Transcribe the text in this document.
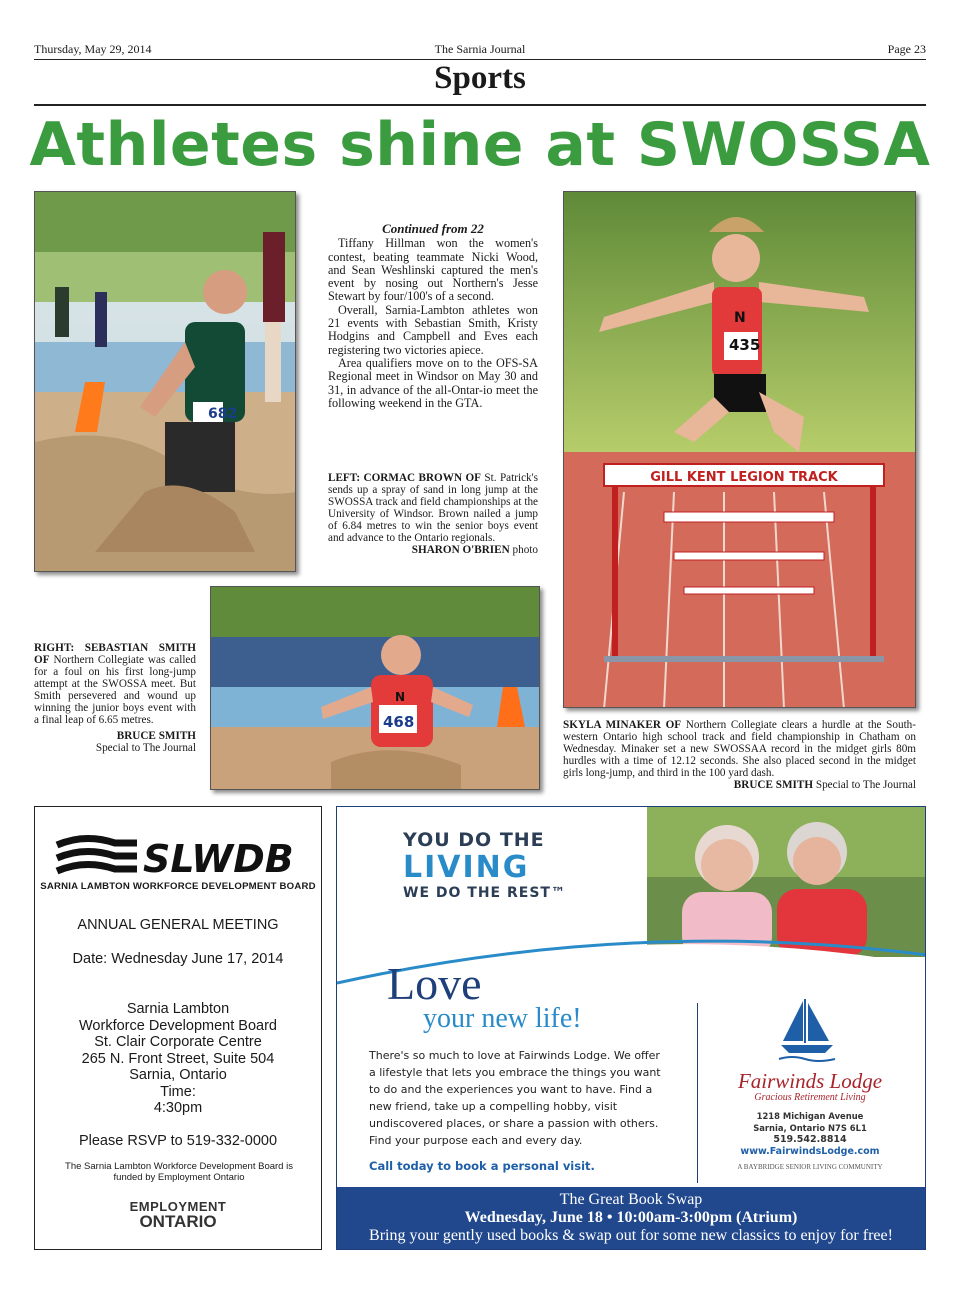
Thursday, May 29, 2014	The Sarnia Journal	Page 23
Sports
Athletes shine at SWOSSA
682
Continued from 22

Tiffany Hillman won the women's contest, beating teammate Nicki Wood, and Sean Weshlinski captured the men's event by nosing out Northern's Jesse Stewart by four/100's of a second.

Overall, Sarnia-Lambton athletes won 21 events with Sebastian Smith, Kristy Hodgins and Campbell and Eves each registering two victories apiece.

Area qualifiers move on to the OFS-SA Regional meet in Windsor on May 30 and 31, in advance of the all-Ontar-io meet the following weekend in the GTA.

LEFT: CORMAC BROWN OF St. Patrick's sends up a spray of sand in long jump at the SWOSSA track and field championships at the University of Windsor. Brown nailed a jump of 6.84 metres to win the senior boys event and advance to the Ontario regionals.
SHARON O'BRIEN photo
GILL KENT LEGION TRACK
435
N
468
N
RIGHT: SEBASTIAN SMITH OF Northern Collegiate was called for a foul on his first long-jump attempt at the SWOSSA meet. But Smith persevered and wound up winning the junior boys event with a final leap of 6.65 metres.
BRUCE SMITH
Special to The Journal
SKYLA MINAKER OF Northern Collegiate clears a hurdle at the South-western Ontario high school track and field championship in Chatham on Wednesday. Minaker set a new SWOSSAA record in the midget girls 80m hurdles with a time of 12.12 seconds. She also placed second in the midget girls long-jump, and third in the 100 yard dash.
BRUCE SMITH Special to The Journal
SLWDB
SARNIA LAMBTON WORKFORCE DEVELOPMENT BOARD
ANNUAL GENERAL MEETING
Date: Wednesday June 17, 2014
Sarnia Lambton
Workforce Development Board
St. Clair Corporate Centre
265 N. Front Street, Suite 504
Sarnia, Ontario
Time:
4:30pm
Please RSVP to 519-332-0000
The Sarnia Lambton Workforce Development Board is funded by Employment Ontario
EMPLOYMENT
ONTARIO
YOU DO THE
LIVING
WE DO THE REST™
Love
your new life!
There's so much to love at Fairwinds Lodge. We offer a lifestyle that lets you embrace the things you want to do and the experiences you want to have. Find a new friend, take up a compelling hobby, visit undiscovered places, or share a passion with others. Find your purpose each and every day.
Call today to book a personal visit.
Fairwinds Lodge
Gracious Retirement Living
1218 Michigan Avenue
Sarnia, Ontario N7S 6L1
519.542.8814
www.FairwindsLodge.com
A BAYBRIDGE SENIOR LIVING COMMUNITY
The Great Book Swap
Wednesday, June 18 • 10:00am-3:00pm (Atrium)
Bring your gently used books & swap out for some new classics to enjoy for free!
